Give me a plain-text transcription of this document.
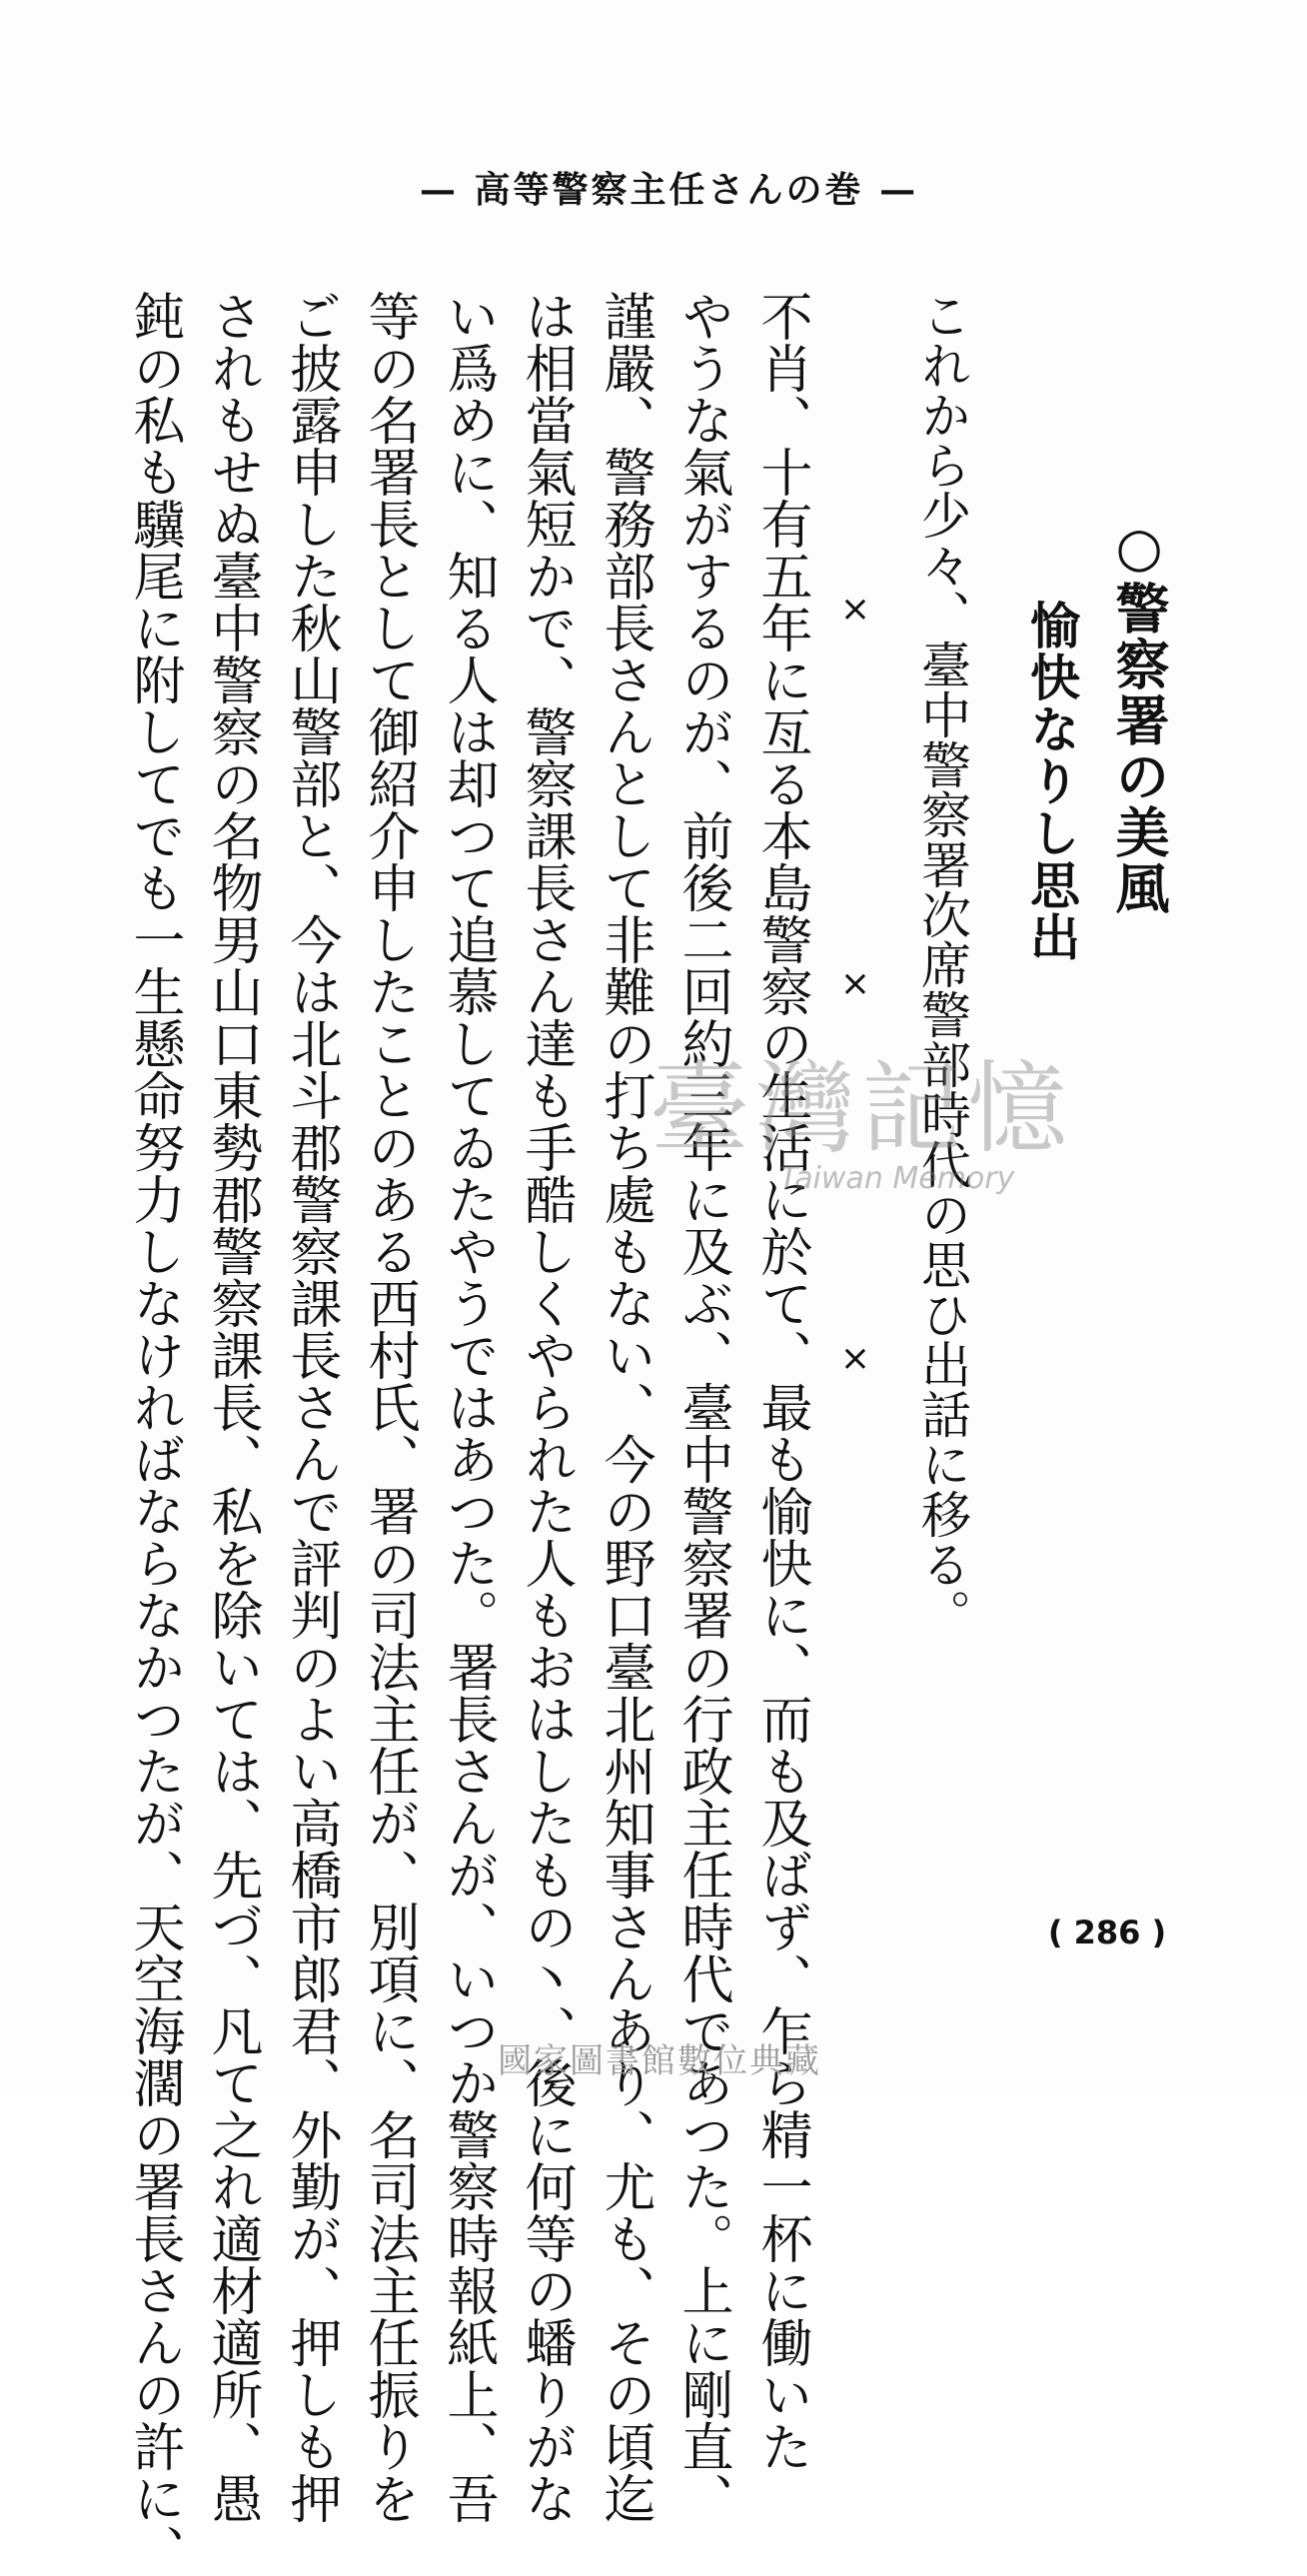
— 高等警察主任さんの巻 —
○警察署の美風
愉快なりし思出
これから少々、臺中警察署次席警部時代の思ひ出話に移る。
×
×
×
不肖、十有五年に亙る本島警察の生活に於て、最も愉快に、而も及ばず、乍ら精一杯に働いた
やうな氣がするのが、前後二回約三年に及ぶ、臺中警察署の行政主任時代であつた。上に剛直、
謹嚴、警務部長さんとして非難の打ち處もない、今の野口臺北州知事さんあり、尤も、その頃迄
は相當氣短かで、警察課長さん達も手酷しくやられた人もおはしたもの丶、後に何等の蟠りがな
い爲めに、知る人は却つて追慕してゐたやうではあつた。署長さんが、いつか警察時報紙上、吾
等の名署長として御紹介申したことのある西村氏、署の司法主任が、別項に、名司法主任振りを
ご披露申した秋山警部と、今は北斗郡警察課長さんで評判のよい高橋市郎君、外勤が、押しも押
されもせぬ臺中警察の名物男山口東勢郡警察課長、私を除いては、先づ、凡て之れ適材適所、愚
鈍の私も驥尾に附してでも一生懸命努力しなければならなかつたが、天空海濶の署長さんの許に、	臺灣記憶
Taiwan Memory
( 286 )
國家圖書館數位典藏
